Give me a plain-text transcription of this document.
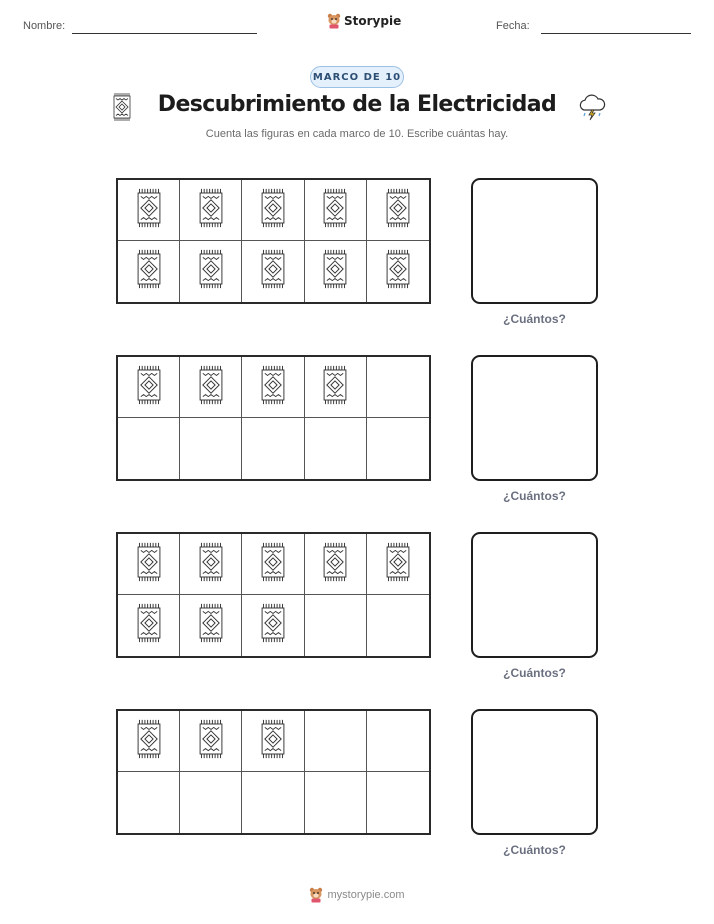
Nombre:	Storypie	Fecha:
MARCO DE 10
Descubrimiento de la Electricidad
Cuenta las figuras en cada marco de 10. Escribe cuántas hay.
¿Cuántos?
¿Cuántos?
¿Cuántos?
¿Cuántos?
mystorypie.com
